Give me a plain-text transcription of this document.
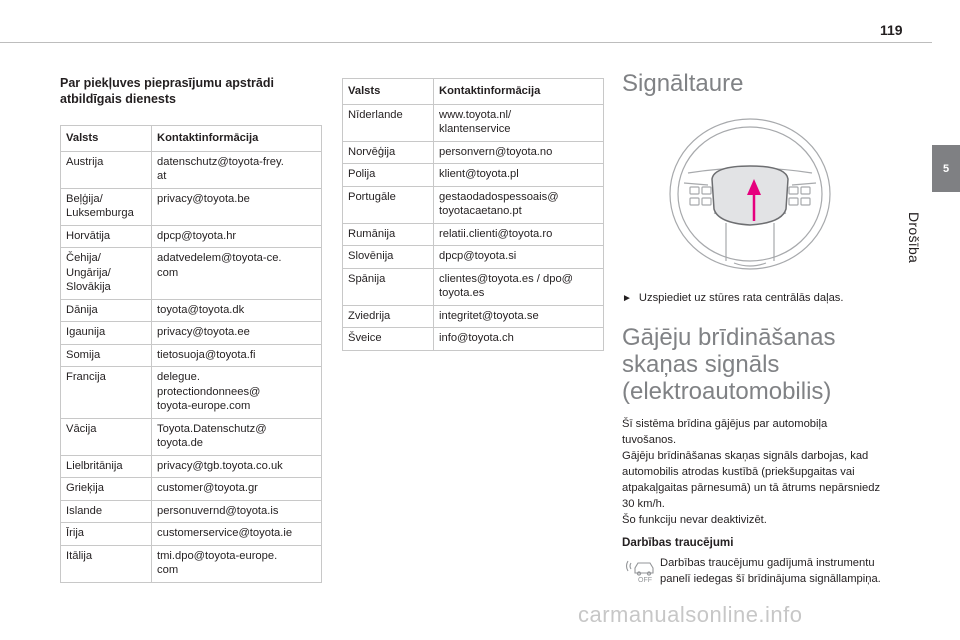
119
5
Drošība
Par piekļuves pieprasījumu apstrādi atbildīgais dienests
Valsts	Kontaktinformācija
Austrija	datenschutz@toyota-frey.
at
Beļģija/
Luksemburga	privacy@toyota.be
Horvātija	dpcp@toyota.hr
Čehija/
Ungārija/
Slovākija	adatvedelem@toyota-ce.
com
Dānija	toyota@toyota.dk
Igaunija	privacy@toyota.ee
Somija	tietosuoja@toyota.fi
Francija	delegue.
protectiondonnees@
toyota-europe.com
Vācija	Toyota.Datenschutz@
toyota.de
Lielbritānija	privacy@tgb.toyota.co.uk
Grieķija	customer@toyota.gr
Islande	personuvernd@toyota.is
Īrija	customerservice@toyota.ie
Itālija	tmi.dpo@toyota-europe.
com
Valsts	Kontaktinformācija
Nīderlande	www.toyota.nl/
klantenservice
Norvēģija	personvern@toyota.no
Polija	klient@toyota.pl
Portugāle	gestaodadospessoais@
toyotacaetano.pt
Rumānija	relatii.clienti@toyota.ro
Slovēnija	dpcp@toyota.si
Spānija	clientes@toyota.es / dpo@
toyota.es
Zviedrija	integritet@toyota.se
Šveice	info@toyota.ch
Signāltaure
► Uzspiediet uz stūres rata centrālās daļas.
Gājēju brīdināšanas skaņas signāls (elektroautomobilis)

Šī sistēma brīdina gājējus par automobiļa tuvošanos.

Gājēju brīdināšanas skaņas signāls darbojas, kad automobilis atrodas kustībā (priekšupgaitas vai atpakaļgaitas pārnesumā) un tā ātrums nepārsniedz 30 km/h.

Šo funkciju nevar deaktivizēt.

Darbības traucējumi
OFF
Darbības traucējumu gadījumā instrumentu panelī iedegas šī brīdinājuma signāllampiņa.
carmanualsonline.info
